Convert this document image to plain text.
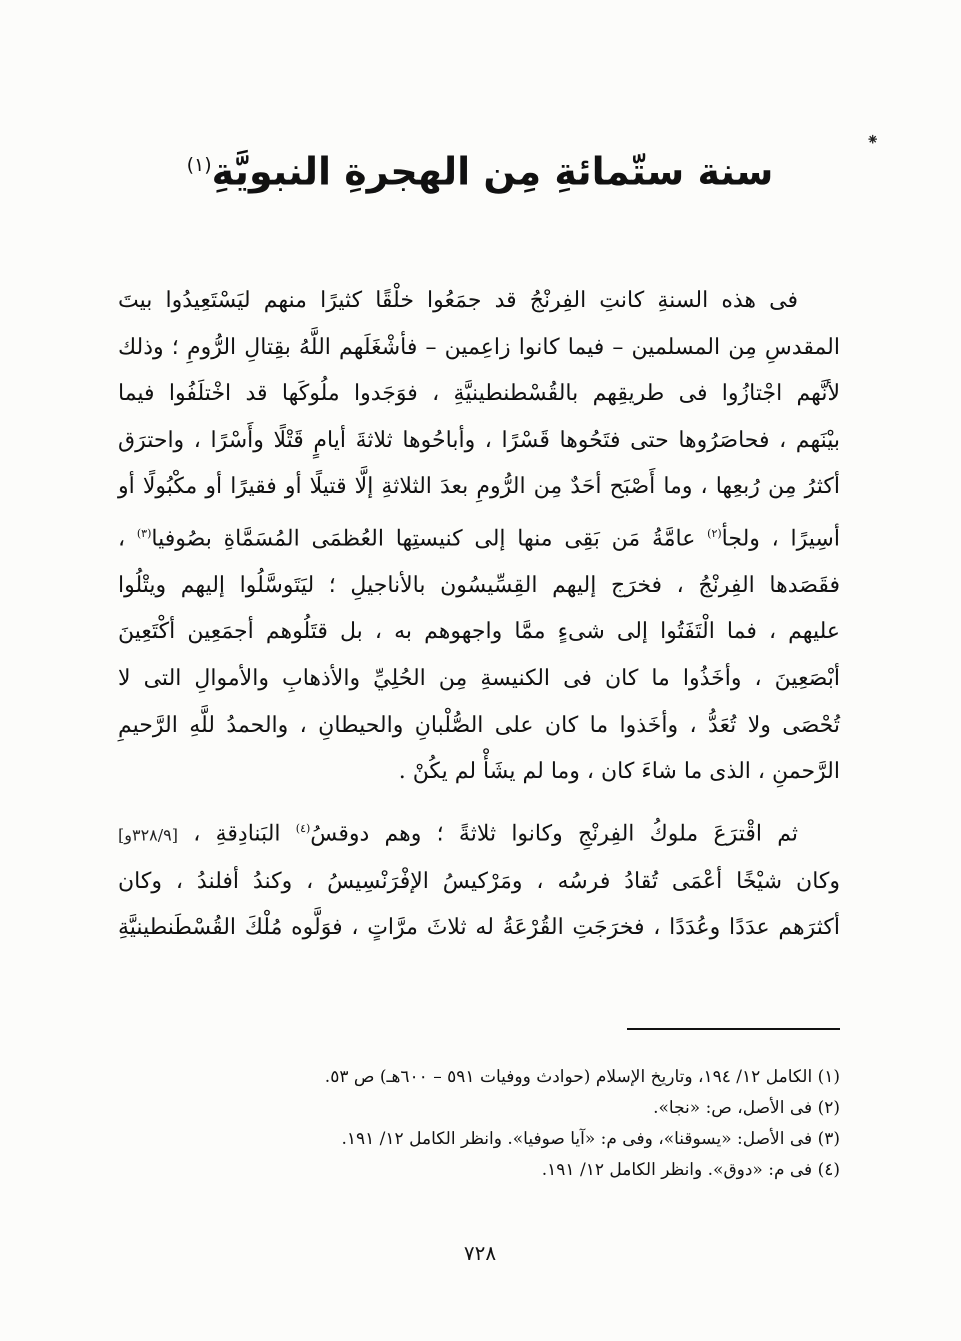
⁕
سنة ستّمائةِ مِن الهجرةِ النبويَّةِ$^{(١)}$
فى هذه السنةِ كانتِ الفِرنْجُ قد جمَعُوا خلْقًا كثيرًا منهم ليَسْتَعِيدُوا بيتَ
المقدسِ مِن المسلمين – فيما كانوا زاعِمين – فأشْغَلَهم اللَّهُ بقِتالِ الرُّومِ ؛ وذلك
لأنَّهم اجْتازُوا فى طريقِهم بالقُسْطنطينيَّةِ ، فوَجَدوا ملُوكَها قد اخْتلَفُوا فيما
بيْنَهم ، فحاصَرُوها حتى فتَحُوها قَسْرًا ، وأباحُوها ثلاثةَ أيامٍ قَتْلًا وأَسْرًا ، واحترَق
أكثرُ مِن رُبعِها ، وما أَصْبَح أحَدٌ مِن الرُّومِ بعدَ الثلاثةِ إلَّا قتيلًا أو فقيرًا أو مكْبُولًا أو
أسِيرًا ، ولجأ$^{(٢)}$ عامَّةُ مَن بَقِى منها إلى كنيستِها العُظمَى المُسَمَّاةِ بصُوفيا$^{(٣)}$ ،
فقَصَدها الفِرنْجُ ، فخرَج إليهم القِسِّيسُون بالأناجيلِ ؛ ليَتَوسَّلُوا إليهم ويتْلُوا
عليهم ، فما الْتَفَتُوا إلى شىءٍ ممَّا واجهوهم به ، بل قتَلُوهم أجمَعِين أكْتَعِينَ
أبْصَعِينَ ، وأخَذُوا ما كان فى الكنيسةِ مِن الحُلِيِّ والأذهابِ والأموالِ التى لا
تُحْصَى ولا تُعَدُّ ، وأخَذوا ما كان على الصُّلْبانِ والحيطانِ ، والحمدُ للَّهِ الرَّحيمِ
الرَّحمنِ ، الذى ما شاءَ كان ، وما لم يشَأْ لم يكُنْ .
ثم اقْترَعَ ملوكُ الفِرنْجِ وكانوا ثلاثةً ؛ وهم دوقسُ$^{(٤)}$ البَنادِقةِ ، [٣٢٨/٩و]
وكان شيْخًا أعْمَى تُقادُ فرسُه ، ومَرْكيسُ الإفْرَنْسِيسُ ، وكندُ أفلندُ ، وكان
أكثرَهم عدَدًا وعُدَدًا ، فخرَجَتِ القُرْعَةُ له ثلاثَ مرَّاتٍ ، فوَلَّوه مُلْكَ القُسْطَنطينيَّةِ
(١) الكامل ١٢/ ١٩٤، وتاريخ الإسلام (حوادث ووفيات ٥٩١ – ٦٠٠هـ) ص ٥٣.
(٢) فى الأصل، ص: «نجا».
(٣) فى الأصل: «يسوقنا»، وفى م: «آيا صوفيا». وانظر الكامل ١٢/ ١٩١.
(٤) فى م: «دوق». وانظر الكامل ١٢/ ١٩١.
٧٢٨
